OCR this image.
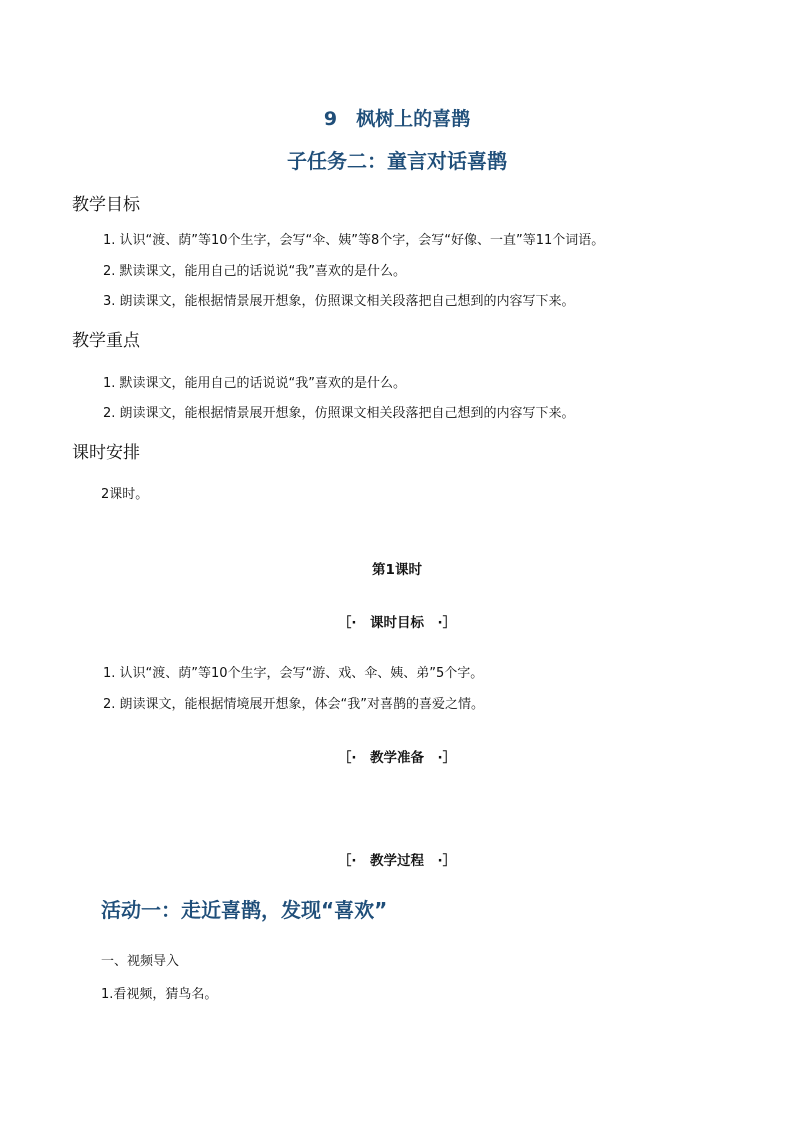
9　枫树上的喜鹊
子任务二：童言对话喜鹊
教学目标
1. 认识“渡、荫”等10个生字，会写“伞、姨”等8个字，会写“好像、一直”等11个词语。
2. 默读课文，能用自己的话说说“我”喜欢的是什么。
3. 朗读课文，能根据情景展开想象，仿照课文相关段落把自己想到的内容写下来。
教学重点
1. 默读课文，能用自己的话说说“我”喜欢的是什么。
2. 朗读课文，能根据情景展开想象，仿照课文相关段落把自己想到的内容写下来。
课时安排
2课时。
第1课时
［·　课时目标　·］
1. 认识“渡、荫”等10个生字，会写“游、戏、伞、姨、弟”5个字。
2. 朗读课文，能根据情境展开想象，体会“我”对喜鹊的喜爱之情。
［·　教学准备　·］
［·　教学过程　·］
活动一：走近喜鹊，发现“喜欢”
一、视频导入
1.看视频，猜鸟名。
